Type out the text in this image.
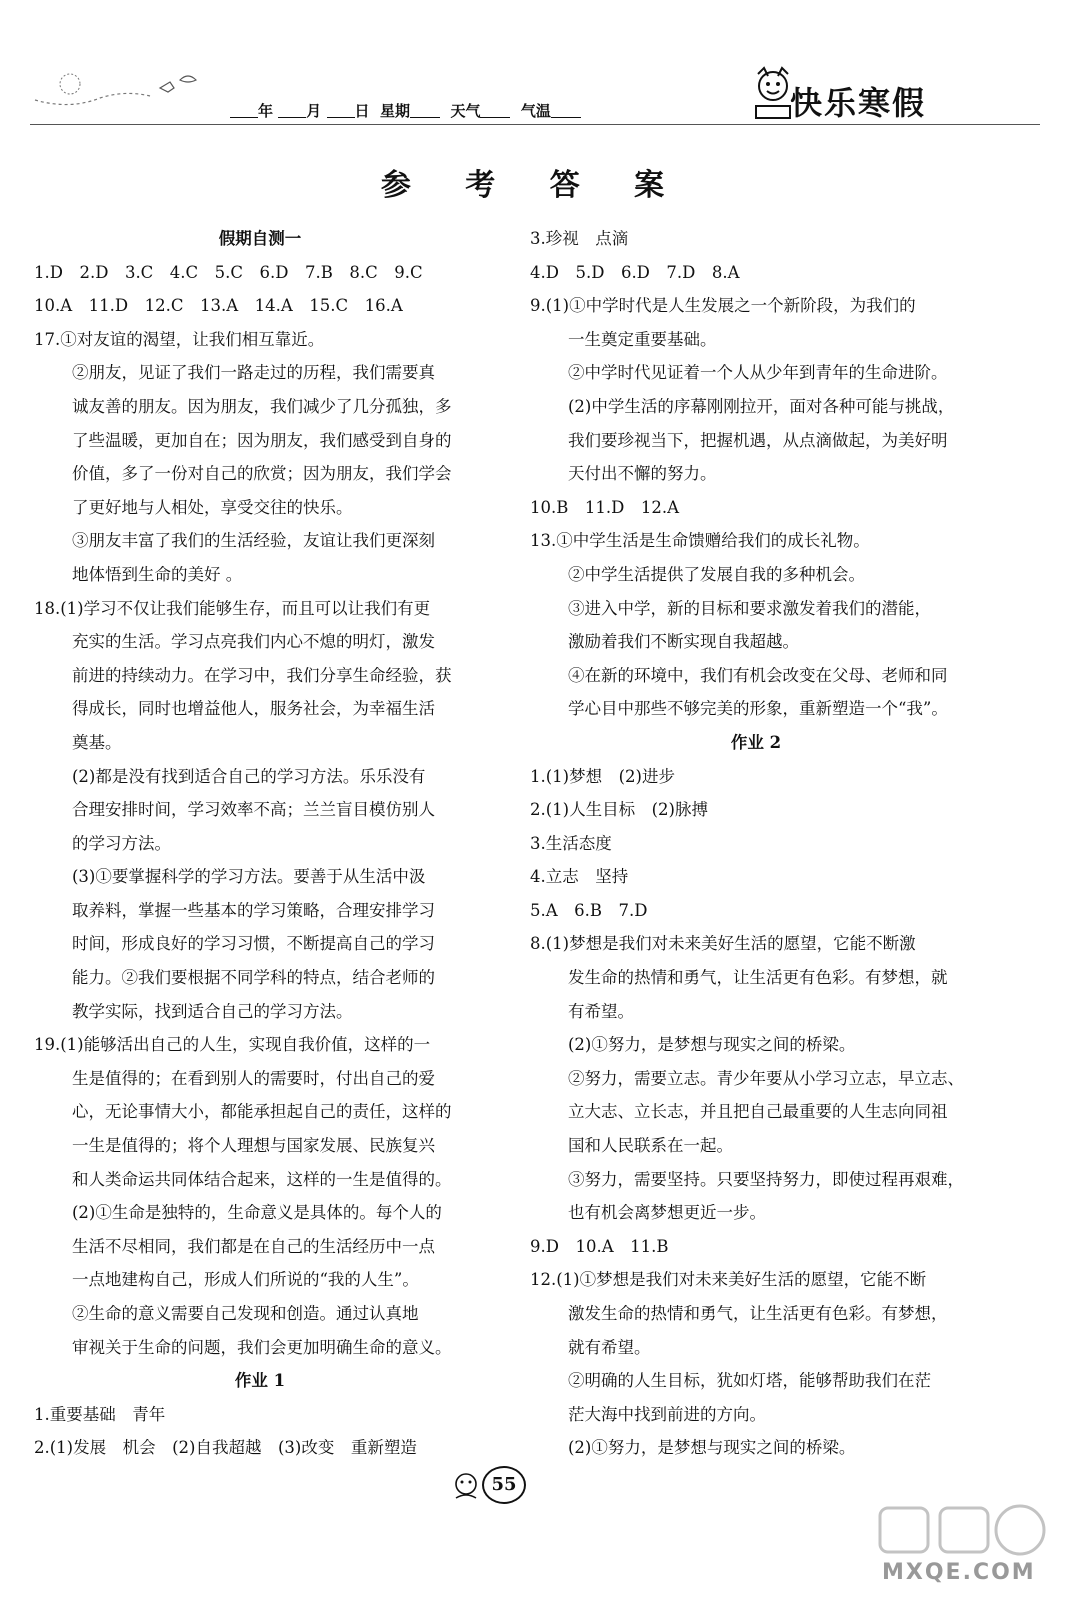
年 月 日 星期	天气	气温	快乐寒假
参 考 答 案
假期自测一
1.D　2.D　3.C　4.C　5.C　6.D　7.B　8.C　9.C
10.A　11.D　12.C　13.A　14.A　15.C　16.A
17.①对友谊的渴望，让我们相互靠近。
②朋友，见证了我们一路走过的历程，我们需要真
诚友善的朋友。因为朋友，我们减少了几分孤独，多
了些温暖，更加自在；因为朋友，我们感受到自身的
价值，多了一份对自己的欣赏；因为朋友，我们学会
了更好地与人相处，享受交往的快乐。
③朋友丰富了我们的生活经验，友谊让我们更深刻
地体悟到生命的美好 。
18.(1)学习不仅让我们能够生存，而且可以让我们有更
充实的生活。学习点亮我们内心不熄的明灯，激发
前进的持续动力。在学习中，我们分享生命经验，获
得成长，同时也增益他人，服务社会，为幸福生活
奠基。
(2)都是没有找到适合自己的学习方法。乐乐没有
合理安排时间，学习效率不高；兰兰盲目模仿别人
的学习方法。
(3)①要掌握科学的学习方法。要善于从生活中汲
取养料，掌握一些基本的学习策略，合理安排学习
时间，形成良好的学习习惯，不断提高自己的学习
能力。②我们要根据不同学科的特点，结合老师的
教学实际，找到适合自己的学习方法。
19.(1)能够活出自己的人生，实现自我价值，这样的一
生是值得的；在看到别人的需要时，付出自己的爱
心，无论事情大小，都能承担起自己的责任，这样的
一生是值得的；将个人理想与国家发展、民族复兴
和人类命运共同体结合起来，这样的一生是值得的。
(2)①生命是独特的，生命意义是具体的。每个人的
生活不尽相同，我们都是在自己的生活经历中一点
一点地建构自己，形成人们所说的“我的人生”。
②生命的意义需要自己发现和创造。通过认真地
审视关于生命的问题，我们会更加明确生命的意义。
作业 1
1.重要基础　青年
2.(1)发展　机会　(2)自我超越　(3)改变　重新塑造
3.珍视　点滴
4.D　5.D　6.D　7.D　8.A
9.(1)①中学时代是人生发展之一个新阶段，为我们的
一生奠定重要基础。
②中学时代见证着一个人从少年到青年的生命进阶。
(2)中学生活的序幕刚刚拉开，面对各种可能与挑战，
我们要珍视当下，把握机遇，从点滴做起，为美好明
天付出不懈的努力。
10.B　11.D　12.A
13.①中学生活是生命馈赠给我们的成长礼物。
②中学生活提供了发展自我的多种机会。
③进入中学，新的目标和要求激发着我们的潜能，
激励着我们不断实现自我超越。
④在新的环境中，我们有机会改变在父母、老师和同
学心目中那些不够完美的形象，重新塑造一个“我”。
作业 2
1.(1)梦想　(2)进步
2.(1)人生目标　(2)脉搏
3.生活态度
4.立志　坚持
5.A　6.B　7.D
8.(1)梦想是我们对未来美好生活的愿望，它能不断激
发生命的热情和勇气，让生活更有色彩。有梦想，就
有希望。
(2)①努力，是梦想与现实之间的桥梁。
②努力，需要立志。青少年要从小学习立志，早立志、
立大志、立长志，并且把自己最重要的人生志向同祖
国和人民联系在一起。
③努力，需要坚持。只要坚持努力，即使过程再艰难，
也有机会离梦想更近一步。
9.D　10.A　11.B
12.(1)①梦想是我们对未来美好生活的愿望，它能不断
激发生命的热情和勇气，让生活更有色彩。有梦想，
就有希望。
②明确的人生目标，犹如灯塔，能够帮助我们在茫
茫大海中找到前进的方向。
(2)①努力，是梦想与现实之间的桥梁。
55
MXQE.COM
